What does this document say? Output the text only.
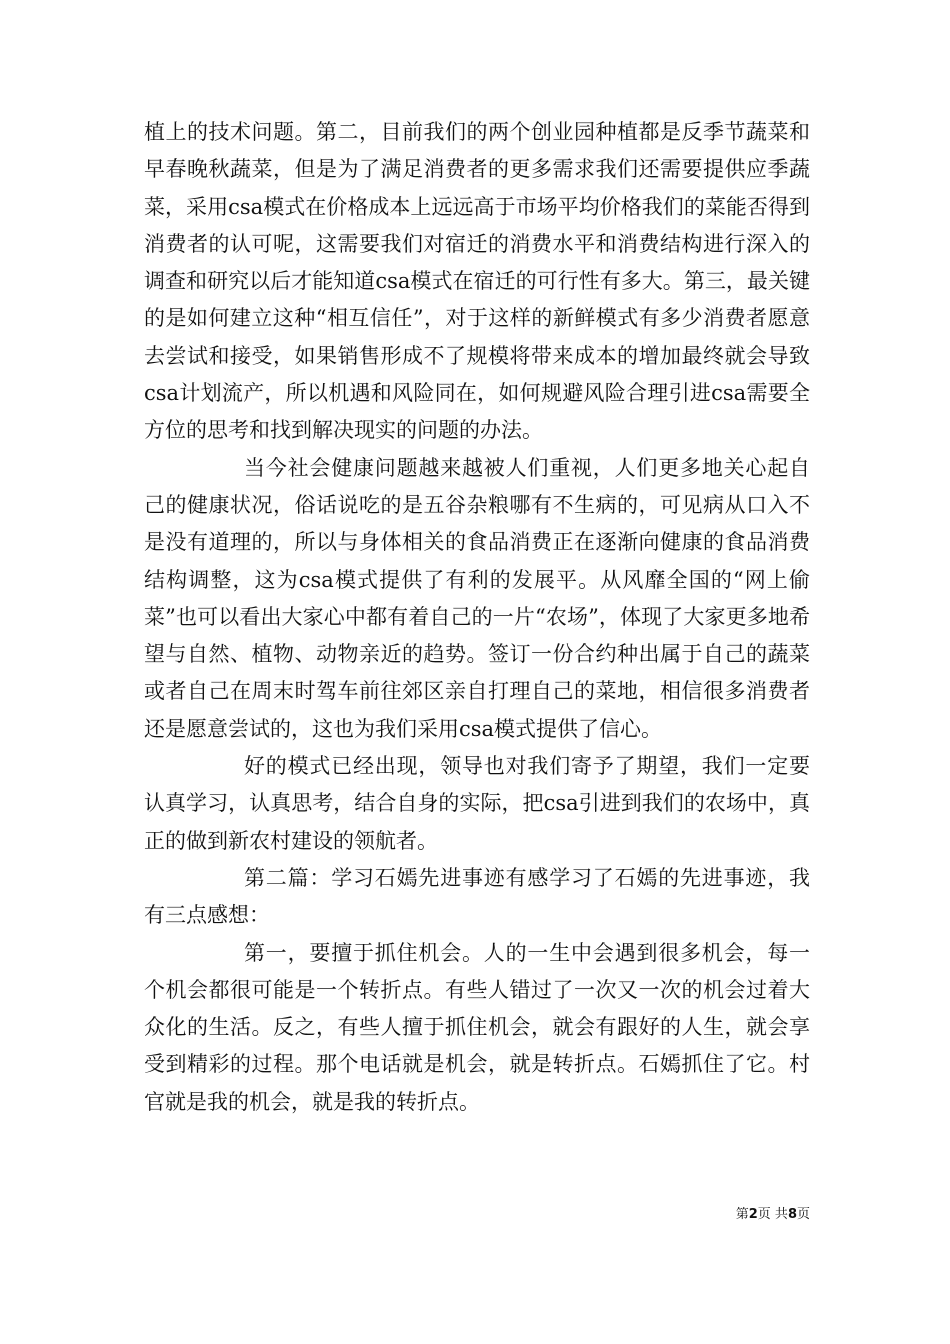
植上的技术问题。第二，目前我们的两个创业园种植都是反季节蔬菜和早春晚秋蔬菜，但是为了满足消费者的更多需求我们还需要提供应季蔬菜，采用csa模式在价格成本上远远高于市场平均价格我们的菜能否得到消费者的认可呢，这需要我们对宿迁的消费水平和消费结构进行深入的调查和研究以后才能知道csa模式在宿迁的可行性有多大。第三，最关键的是如何建立这种“相互信任”，对于这样的新鲜模式有多少消费者愿意去尝试和接受，如果销售形成不了规模将带来成本的增加最终就会导致csa计划流产，所以机遇和风险同在，如何规避风险合理引进csa需要全方位的思考和找到解决现实的问题的办法。

当今社会健康问题越来越被人们重视，人们更多地关心起自己的健康状况，俗话说吃的是五谷杂粮哪有不生病的，可见病从口入不是没有道理的，所以与身体相关的食品消费正在逐渐向健康的食品消费结构调整，这为csa模式提供了有利的发展平。从风靡全国的“网上偷菜”也可以看出大家心中都有着自己的一片“农场”，体现了大家更多地希望与自然、植物、动物亲近的趋势。签订一份合约种出属于自己的蔬菜或者自己在周末时驾车前往郊区亲自打理自己的菜地，相信很多消费者还是愿意尝试的，这也为我们采用csa模式提供了信心。

好的模式已经出现，领导也对我们寄予了期望，我们一定要认真学习，认真思考，结合自身的实际，把csa引进到我们的农场中，真正的做到新农村建设的领航者。

第二篇：学习石嫣先进事迹有感学习了石嫣的先进事迹，我有三点感想：

第一，要擅于抓住机会。人的一生中会遇到很多机会，每一个机会都很可能是一个转折点。有些人错过了一次又一次的机会过着大众化的生活。反之，有些人擅于抓住机会，就会有跟好的人生，就会享受到精彩的过程。那个电话就是机会，就是转折点。石嫣抓住了它。村官就是我的机会，就是我的转折点。

第2页 共8页
